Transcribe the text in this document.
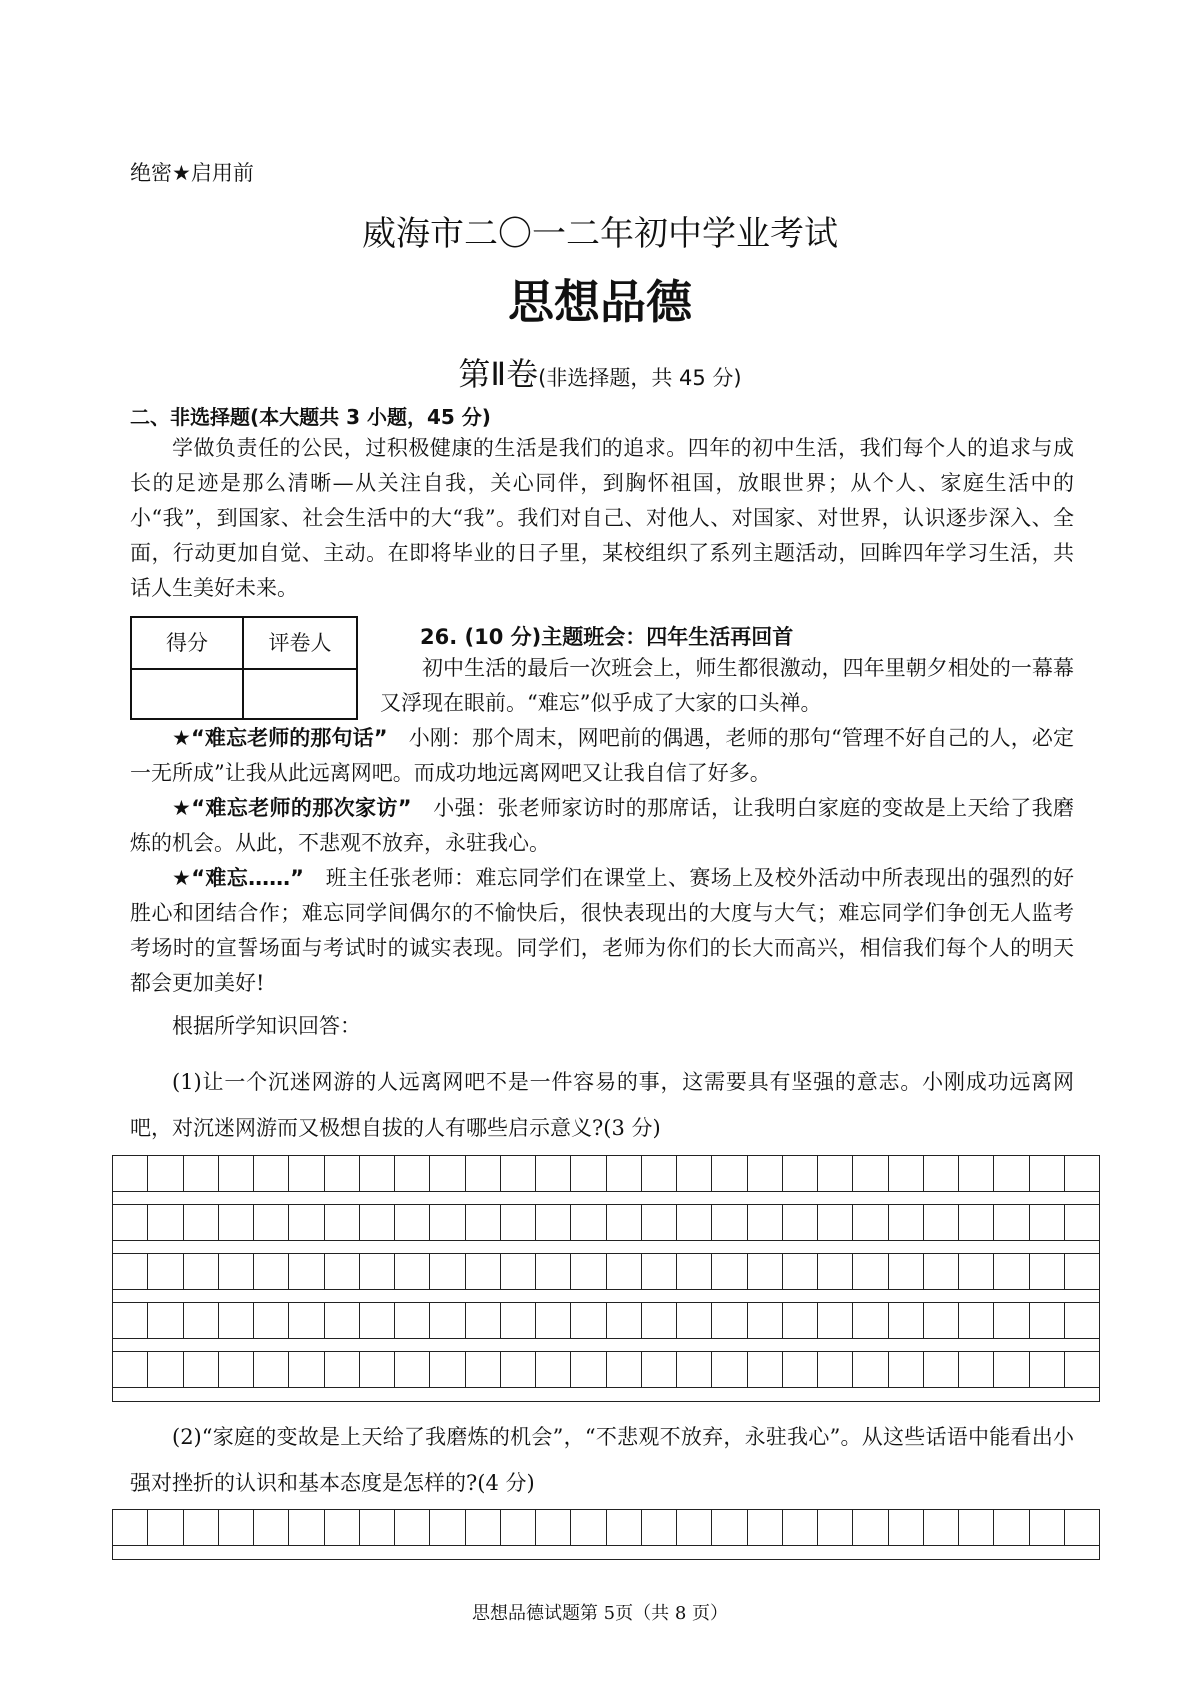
绝密★启用前
威海市二〇一二年初中学业考试
思想品德
第Ⅱ卷(非选择题，共 45 分)
二、非选择题(本大题共 3 小题，45 分)
学做负责任的公民，过积极健康的生活是我们的追求。四年的初中生活，我们每个人的追求与成长的足迹是那么清晰—从关注自我，关心同伴，到胸怀祖国，放眼世界；从个人、家庭生活中的小“我”，到国家、社会生活中的大“我”。我们对自己、对他人、对国家、对世界，认识逐步深入、全面，行动更加自觉、主动。在即将毕业的日子里，某校组织了系列主题活动，回眸四年学习生活，共话人生美好未来。
得分	评卷人	26. (10 分)主题班会：四年生活再回首
初中生活的最后一次班会上，师生都很激动，四年里朝夕相处的一幕幕又浮现在眼前。“难忘”似乎成了大家的口头禅。
★“难忘老师的那句话”　小刚：那个周末，网吧前的偶遇，老师的那句“管理不好自己的人，必定一无所成”让我从此远离网吧。而成功地远离网吧又让我自信了好多。
★“难忘老师的那次家访”　小强：张老师家访时的那席话，让我明白家庭的变故是上天给了我磨炼的机会。从此，不悲观不放弃，永驻我心。
★“难忘……”　班主任张老师：难忘同学们在课堂上、赛场上及校外活动中所表现出的强烈的好胜心和团结合作；难忘同学间偶尔的不愉快后，很快表现出的大度与大气；难忘同学们争创无人监考考场时的宣誓场面与考试时的诚实表现。同学们，老师为你们的长大而高兴，相信我们每个人的明天都会更加美好!
根据所学知识回答：
(1)让一个沉迷网游的人远离网吧不是一件容易的事，这需要具有坚强的意志。小刚成功远离网吧，对沉迷网游而又极想自拔的人有哪些启示意义?(3 分)
(2)“家庭的变故是上天给了我磨炼的机会”，“不悲观不放弃，永驻我心”。从这些话语中能看出小强对挫折的认识和基本态度是怎样的?(4 分)
思想品德试题第 5页（共 8 页）
